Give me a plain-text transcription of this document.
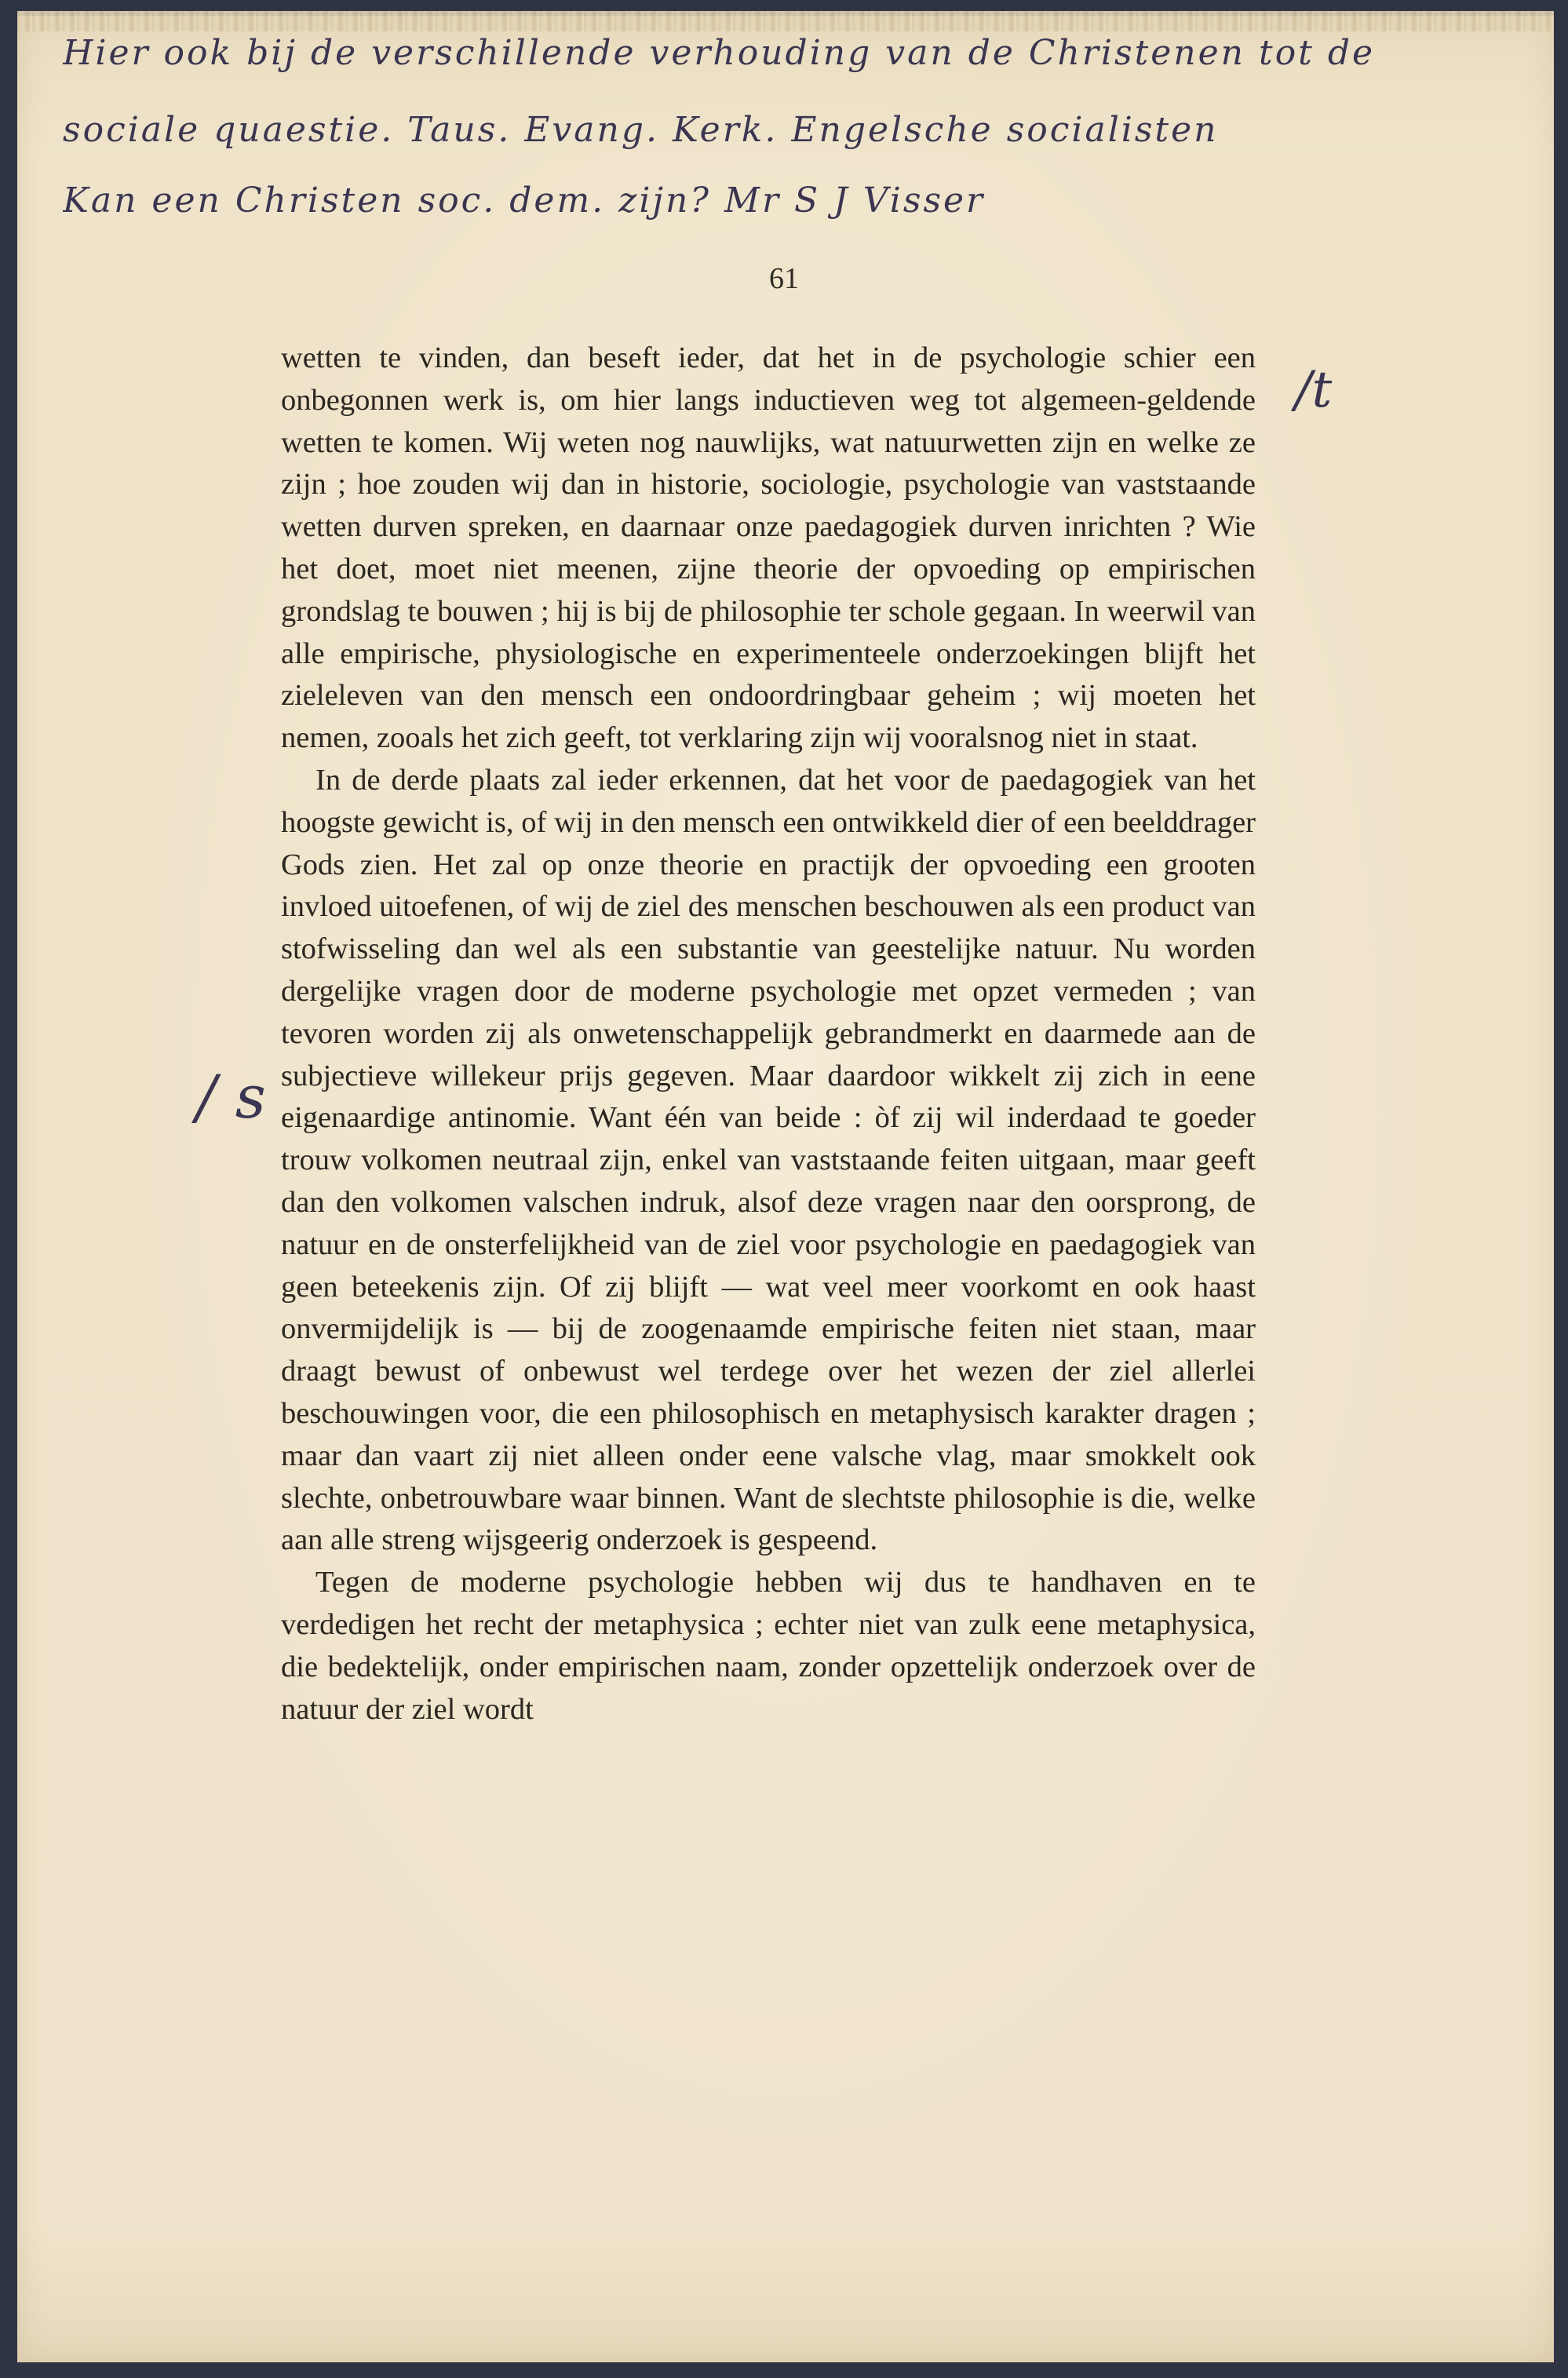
Hier ook bij de verschillende verhouding van de Christenen tot de

sociale quaestie. Taus. Evang. Kerk. Engelsche socialisten

Kan een Christen soc. dem. zijn? Mr S J Visser

/t

/ s

61

wetten te vinden, dan beseft ieder, dat het in de psychologie schier een onbegonnen werk is, om hier langs inductieven weg tot algemeen-geldende wetten te komen. Wij weten nog nauwlijks, wat natuurwetten zijn en welke ze zijn ; hoe zouden wij dan in historie, sociologie, psychologie van vaststaande wetten durven spreken, en daarnaar onze paedagogiek durven inrichten ? Wie het doet, moet niet meenen, zijne theorie der opvoeding op empirischen grondslag te bouwen ; hij is bij de philosophie ter schole gegaan. In weerwil van alle empirische, physiologische en experimenteele onderzoekingen blijft het zieleleven van den mensch een ondoordringbaar geheim ; wij moeten het nemen, zooals het zich geeft, tot verklaring zijn wij vooralsnog niet in staat.

In de derde plaats zal ieder erkennen, dat het voor de paedagogiek van het hoogste gewicht is, of wij in den mensch een ontwikkeld dier of een beelddrager Gods zien. Het zal op onze theorie en practijk der opvoeding een grooten invloed uitoefenen, of wij de ziel des menschen beschouwen als een product van stofwisseling dan wel als een substantie van geestelijke natuur. Nu worden dergelijke vragen door de moderne psychologie met opzet vermeden ; van tevoren worden zij als onwetenschappelijk gebrandmerkt en daarmede aan de subjectieve willekeur prijs gegeven. Maar daardoor wikkelt zij zich in eene eigenaardige antinomie. Want één van beide : òf zij wil inderdaad te goeder trouw volkomen neutraal zijn, enkel van vaststaande feiten uitgaan, maar geeft dan den volkomen valschen indruk, alsof deze vragen naar den oorsprong, de natuur en de onsterfelijkheid van de ziel voor psychologie en paedagogiek van geen beteekenis zijn. Of zij blijft — wat veel meer voorkomt en ook haast onvermijdelijk is — bij de zoogenaamde empirische feiten niet staan, maar draagt bewust of onbewust wel terdege over het wezen der ziel allerlei beschouwingen voor, die een philosophisch en metaphysisch karakter dragen ; maar dan vaart zij niet alleen onder eene valsche vlag, maar smokkelt ook slechte, onbetrouwbare waar binnen. Want de slechtste philosophie is die, welke aan alle streng wijsgeerig onderzoek is gespeend.

Tegen de moderne psychologie hebben wij dus te handhaven en te verdedigen het recht der metaphysica ; echter niet van zulk eene metaphysica, die bedektelijk, onder empirischen naam, zonder opzettelijk onderzoek over de natuur der ziel wordt
